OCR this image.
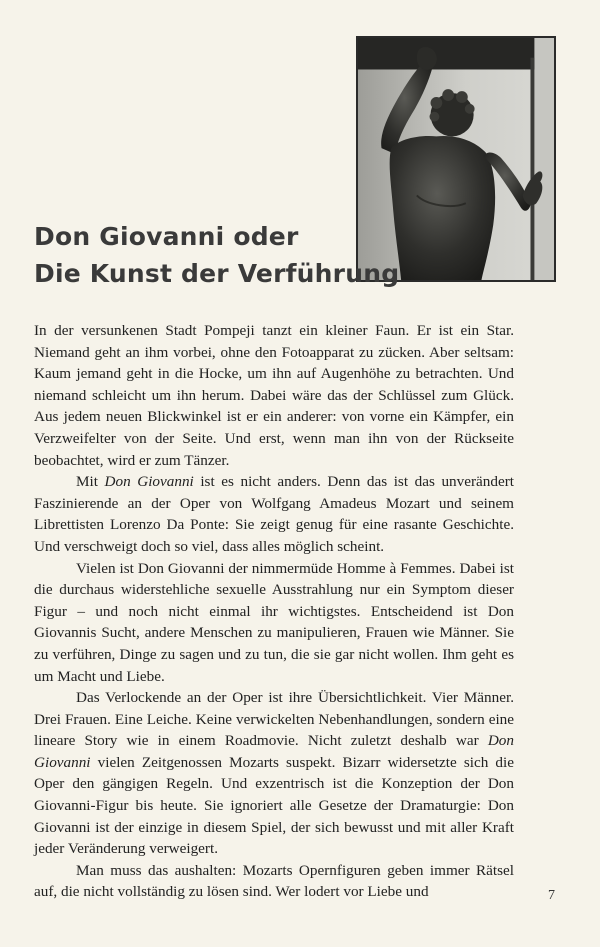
Don Giovanni oder
Die Kunst der Verführung

In der versunkenen Stadt Pompeji tanzt ein kleiner Faun. Er ist ein Star. Niemand geht an ihm vorbei, ohne den Fotoapparat zu zücken. Aber seltsam: Kaum jemand geht in die Hocke, um ihn auf Augenhöhe zu betrachten. Und niemand schleicht um ihn herum. Dabei wäre das der Schlüssel zum Glück. Aus jedem neuen Blickwinkel ist er ein anderer: von vorne ein Kämpfer, ein Verzweifelter von der Seite. Und erst, wenn man ihn von der Rückseite beobachtet, wird er zum Tänzer.

Mit Don Giovanni ist es nicht anders. Denn das ist das unverändert Faszinierende an der Oper von Wolfgang Amadeus Mozart und seinem Librettisten Lorenzo Da Ponte: Sie zeigt genug für eine rasante Geschichte. Und verschweigt doch so viel, dass alles möglich scheint.

Vielen ist Don Giovanni der nimmermüde Homme à Femmes. Dabei ist die durchaus widerstehliche sexuelle Ausstrahlung nur ein Symptom dieser Figur – und noch nicht einmal ihr wichtigstes. Entscheidend ist Don Giovannis Sucht, andere Menschen zu manipulieren, Frauen wie Männer. Sie zu verführen, Dinge zu sagen und zu tun, die sie gar nicht wollen. Ihm geht es um Macht und Liebe.

Das Verlockende an der Oper ist ihre Übersichtlichkeit. Vier Männer. Drei Frauen. Eine Leiche. Keine verwickelten Nebenhandlungen, sondern eine lineare Story wie in einem Roadmovie. Nicht zuletzt deshalb war Don Giovanni vielen Zeitgenossen Mozarts suspekt. Bizarr widersetzte sich die Oper den gängigen Regeln. Und exzentrisch ist die Konzeption der Don Giovanni-Figur bis heute. Sie ignoriert alle Gesetze der Dramaturgie: Don Giovanni ist der einzige in diesem Spiel, der sich bewusst und mit aller Kraft jeder Veränderung verweigert.

Man muss das aushalten: Mozarts Opernfiguren geben immer Rätsel auf, die nicht vollständig zu lösen sind. Wer lodert vor Liebe und	7
